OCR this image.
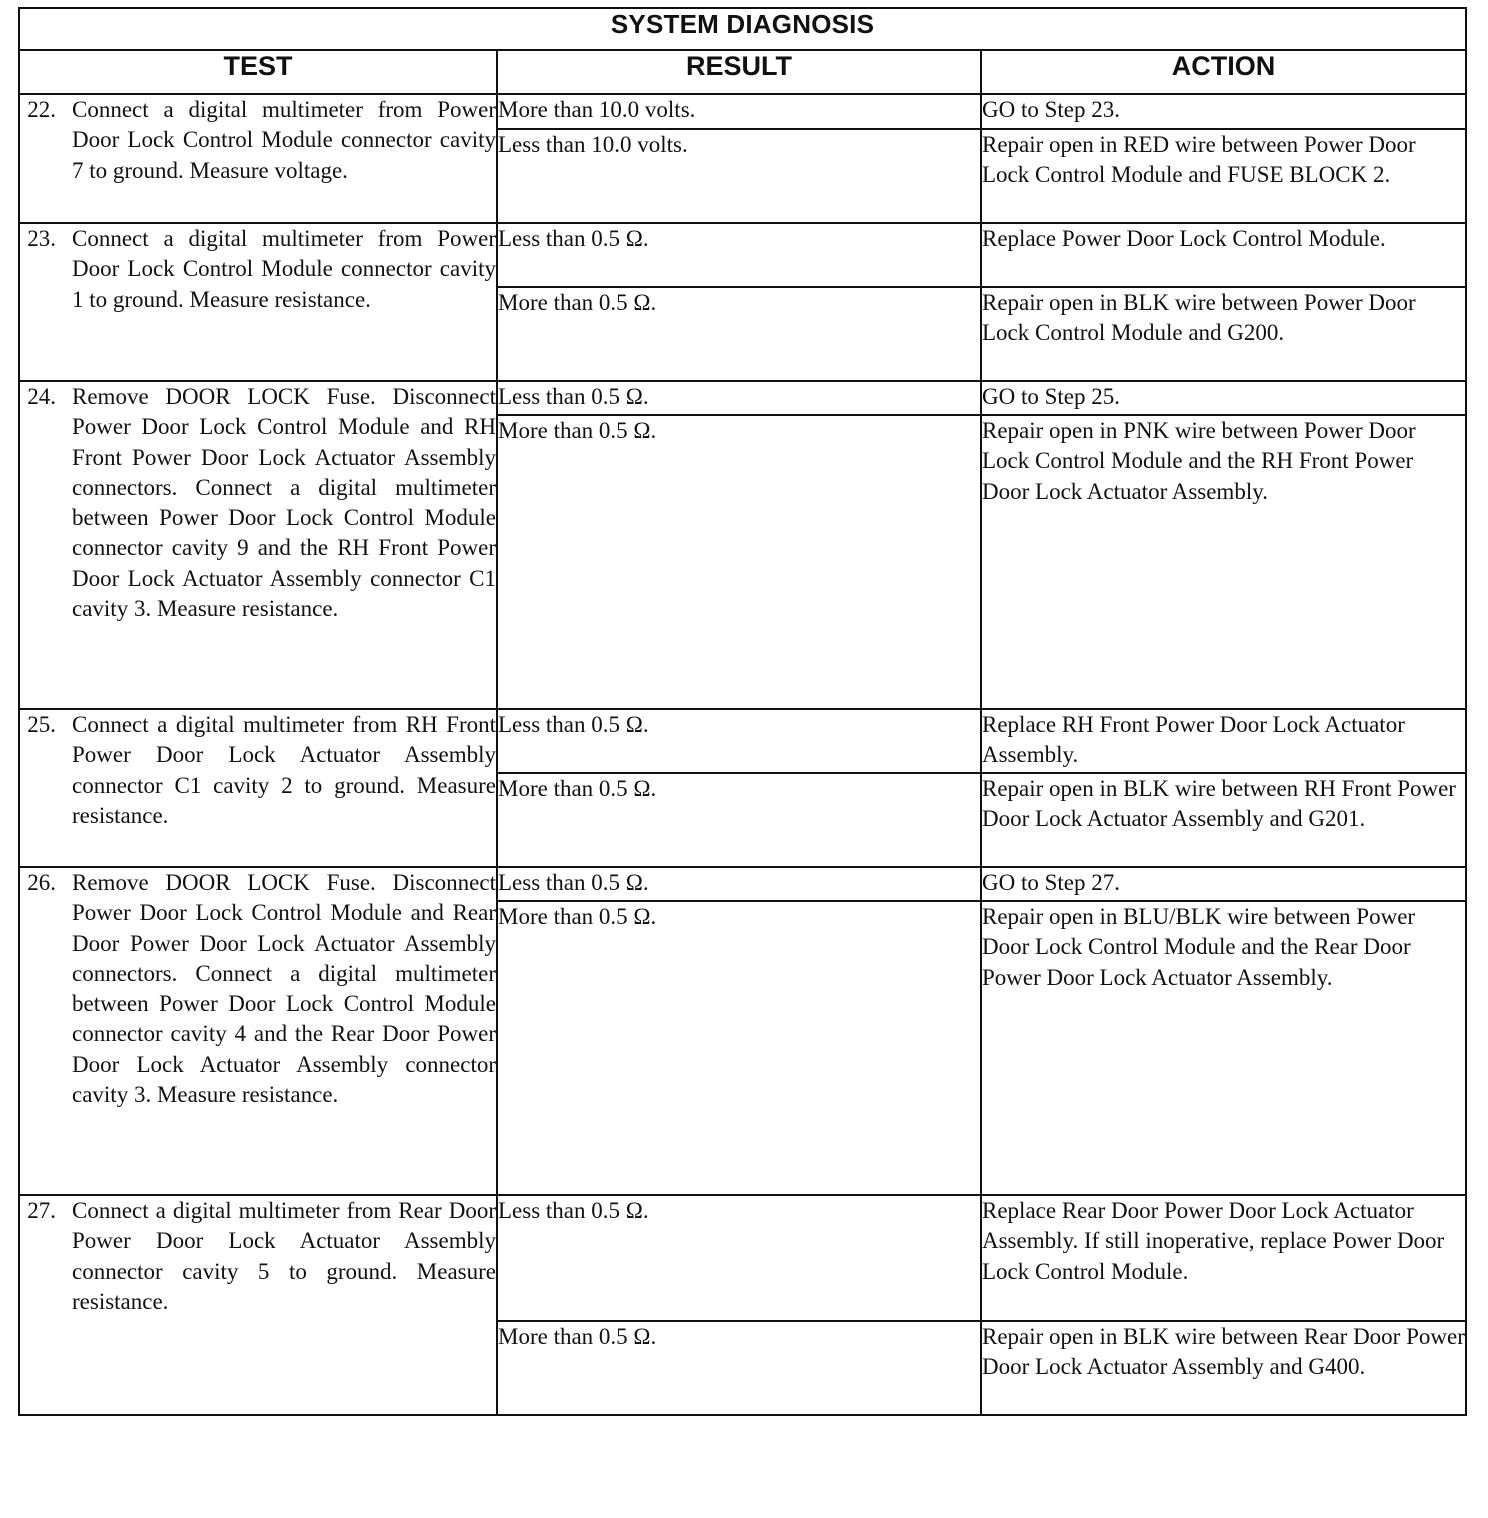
SYSTEM DIAGNOSIS		
TEST	RESULT	ACTION

22. Connect a digital multimeter from Power Door Lock Control Module connector cavity 7 to ground. Measure voltage.	More than 10.0 volts.	GO to Step 23.
	Less than 10.0 volts.	Repair open in RED wire between Power Door Lock Control Module and FUSE BLOCK 2.

23. Connect a digital multimeter from Power Door Lock Control Module connector cavity 1 to ground. Measure resistance.	Less than 0.5 Ω.	Replace Power Door Lock Control Module.
	More than 0.5 Ω.	Repair open in BLK wire between Power Door Lock Control Module and G200.

24. Remove DOOR LOCK Fuse. Disconnect Power Door Lock Control Module and RH Front Power Door Lock Actuator Assembly connectors. Connect a digital multimeter between Power Door Lock Control Module connector cavity 9 and the RH Front Power Door Lock Actuator Assembly connector C1 cavity 3. Measure resistance.	Less than 0.5 Ω.	GO to Step 25.
	More than 0.5 Ω.	Repair open in PNK wire between Power Door Lock Control Module and the RH Front Power Door Lock Actuator Assembly.

25. Connect a digital multimeter from RH Front Power Door Lock Actuator Assembly connector C1 cavity 2 to ground. Measure resistance.	Less than 0.5 Ω.	Replace RH Front Power Door Lock Actuator Assembly.
	More than 0.5 Ω.	Repair open in BLK wire between RH Front Power Door Lock Actuator Assembly and G201.

26. Remove DOOR LOCK Fuse. Disconnect Power Door Lock Control Module and Rear Door Power Door Lock Actuator Assembly connectors. Connect a digital multimeter between Power Door Lock Control Module connector cavity 4 and the Rear Door Power Door Lock Actuator Assembly connector cavity 3. Measure resistance.	Less than 0.5 Ω.	GO to Step 27.
	More than 0.5 Ω.	Repair open in BLU/BLK wire between Power Door Lock Control Module and the Rear Door Power Door Lock Actuator Assembly.

27. Connect a digital multimeter from Rear Door Power Door Lock Actuator Assembly connector cavity 5 to ground. Measure resistance.	Less than 0.5 Ω.	Replace Rear Door Power Door Lock Actuator Assembly. If still inoperative, replace Power Door Lock Control Module.
	More than 0.5 Ω.	Repair open in BLK wire between Rear Door Power Door Lock Actuator Assembly and G400.
